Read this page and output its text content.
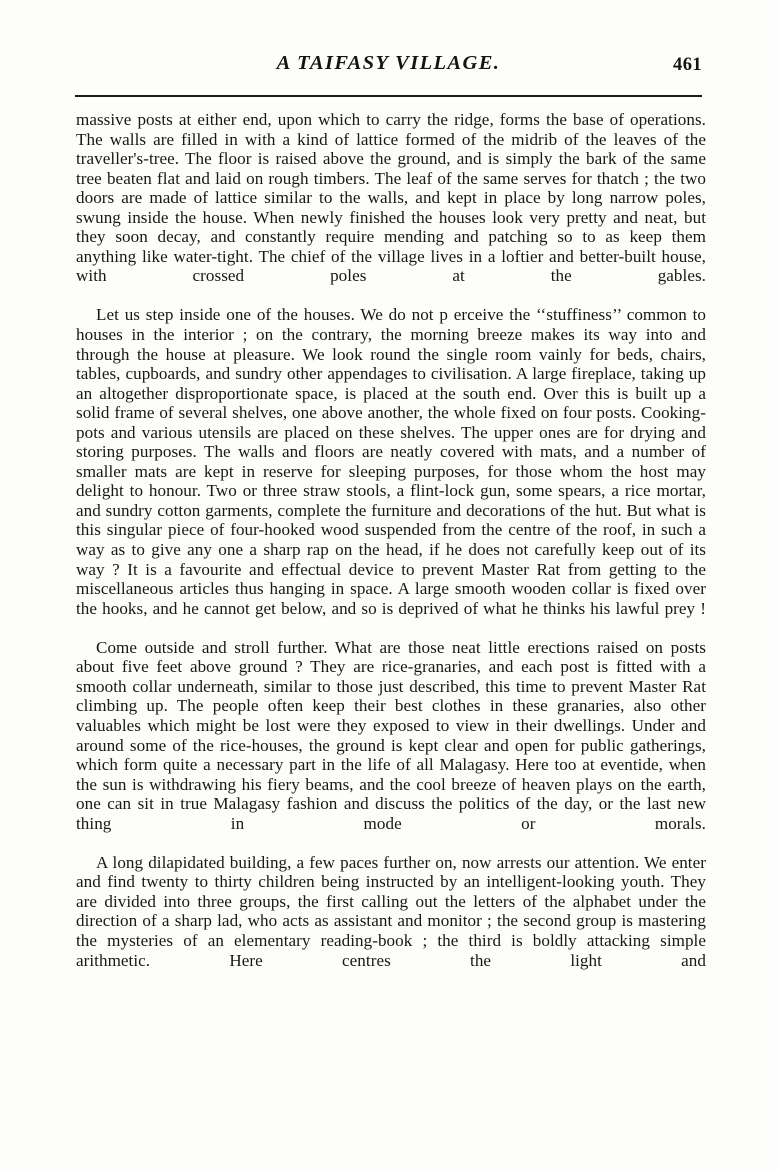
A TAIFASY VILLAGE.	461

massive posts at either end, upon which to carry the ridge, forms the base of operations. The walls are filled in with a kind of lattice formed of the midrib of the leaves of the traveller's-tree. The floor is raised above the ground, and is simply the bark of the same tree beaten flat and laid on rough timbers. The leaf of the same serves for thatch ; the two doors are made of lattice similar to the walls, and kept in place by long narrow poles, swung inside the house. When newly finished the houses look very pretty and neat, but they soon decay, and constantly require mending and patching so to as keep them anything like water-tight. The chief of the village lives in a loftier and better-built house, with crossed poles at the gables.

Let us step inside one of the houses. We do not p erceive the ‘‘stuffiness’’ common to houses in the interior ; on the contrary, the morning breeze makes its way into and through the house at pleasure. We look round the single room vainly for beds, chairs, tables, cupboards, and sundry other appendages to civilisation. A large fireplace, taking up an altogether disproportionate space, is placed at the south end. Over this is built up a solid frame of several shelves, one above another, the whole fixed on four posts. Cooking-pots and various utensils are placed on these shelves. The upper ones are for drying and storing purposes. The walls and floors are neatly covered with mats, and a number of smaller mats are kept in reserve for sleeping purposes, for those whom the host may delight to honour. Two or three straw stools, a flint-lock gun, some spears, a rice mortar, and sundry cotton garments, complete the furniture and decorations of the hut. But what is this singular piece of four-hooked wood suspended from the centre of the roof, in such a way as to give any one a sharp rap on the head, if he does not carefully keep out of its way ? It is a favourite and effectual device to prevent Master Rat from getting to the miscellaneous articles thus hanging in space. A large smooth wooden collar is fixed over the hooks, and he cannot get below, and so is deprived of what he thinks his lawful prey !

Come outside and stroll further. What are those neat little erections raised on posts about five feet above ground ? They are rice-granaries, and each post is fitted with a smooth collar underneath, similar to those just described, this time to prevent Master Rat climbing up. The people often keep their best clothes in these granaries, also other valuables which might be lost were they exposed to view in their dwellings. Under and around some of the rice-houses, the ground is kept clear and open for public gatherings, which form quite a necessary part in the life of all Malagasy. Here too at eventide, when the sun is withdrawing his fiery beams, and the cool breeze of heaven plays on the earth, one can sit in true Malagasy fashion and discuss the politics of the day, or the last new thing in mode or morals.

A long dilapidated building, a few paces further on, now arrests our attention. We enter and find twenty to thirty children being instructed by an intelligent-looking youth. They are divided into three groups, the first calling out the letters of the alphabet under the direction of a sharp lad, who acts as assistant and monitor ; the second group is mastering the mysteries of an elementary reading-book ; the third is boldly attacking simple arithmetic. Here centres the light and
